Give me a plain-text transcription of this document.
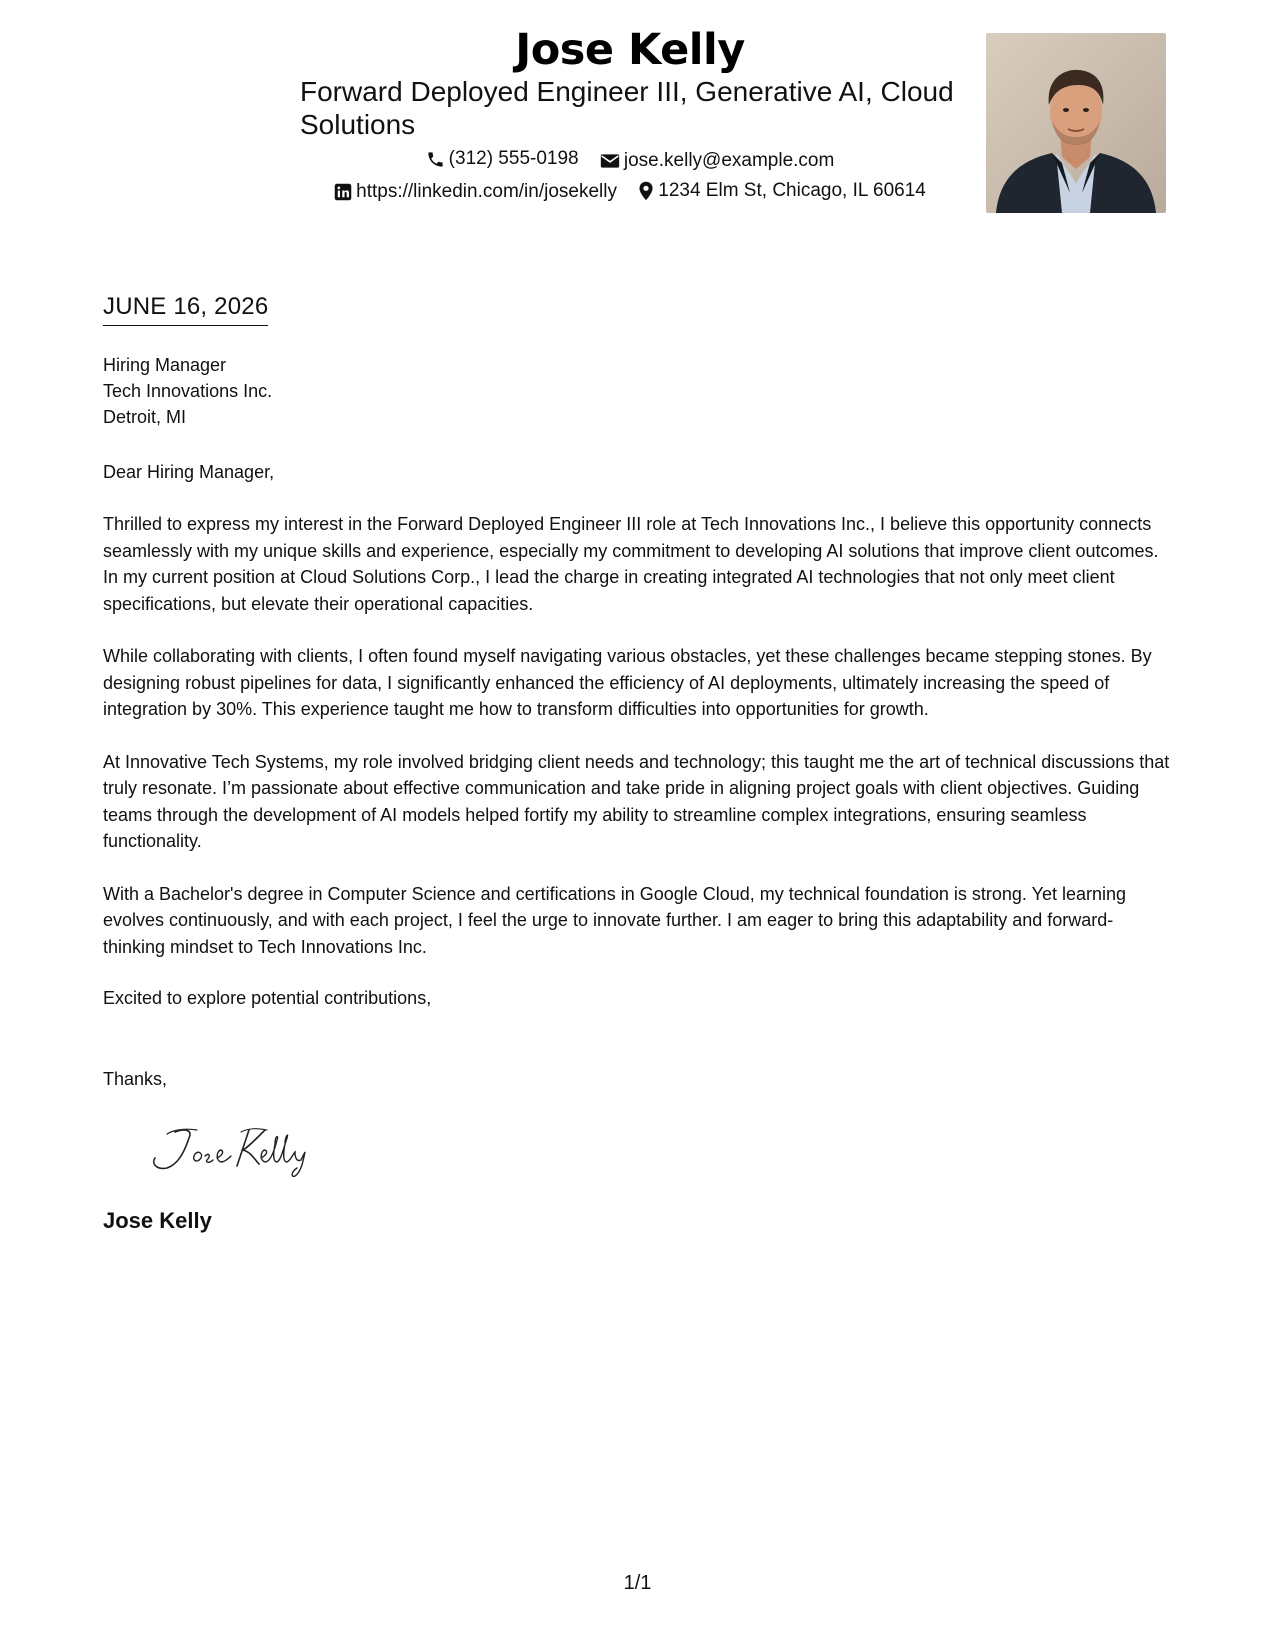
Jose Kelly
Forward Deployed Engineer III, Generative AI, Cloud Solutions
(312) 555-0198
jose.kelly@example.com
https://linkedin.com/in/josekelly
1234 Elm St, Chicago, IL 60614
JUNE 16, 2026
Hiring Manager
Tech Innovations Inc.
Detroit, MI
Dear Hiring Manager,

Thrilled to express my interest in the Forward Deployed Engineer III role at Tech Innovations Inc., I believe this opportunity connects seamlessly with my unique skills and experience, especially my commitment to developing AI solutions that improve client outcomes. In my current position at Cloud Solutions Corp., I lead the charge in creating integrated AI technologies that not only meet client specifications, but elevate their operational capacities.

While collaborating with clients, I often found myself navigating various obstacles, yet these challenges became stepping stones. By designing robust pipelines for data, I significantly enhanced the efficiency of AI deployments, ultimately increasing the speed of integration by 30%. This experience taught me how to transform difficulties into opportunities for growth.

At Innovative Tech Systems, my role involved bridging client needs and technology; this taught me the art of technical discussions that truly resonate. I’m passionate about effective communication and take pride in aligning project goals with client objectives. Guiding teams through the development of AI models helped fortify my ability to streamline complex integrations, ensuring seamless functionality.

With a Bachelor's degree in Computer Science and certifications in Google Cloud, my technical foundation is strong. Yet learning evolves continuously, and with each project, I feel the urge to innovate further. I am eager to bring this adaptability and forward-thinking mindset to Tech Innovations Inc.

Excited to explore potential contributions,
Thanks,
Jose Kelly
1/1
